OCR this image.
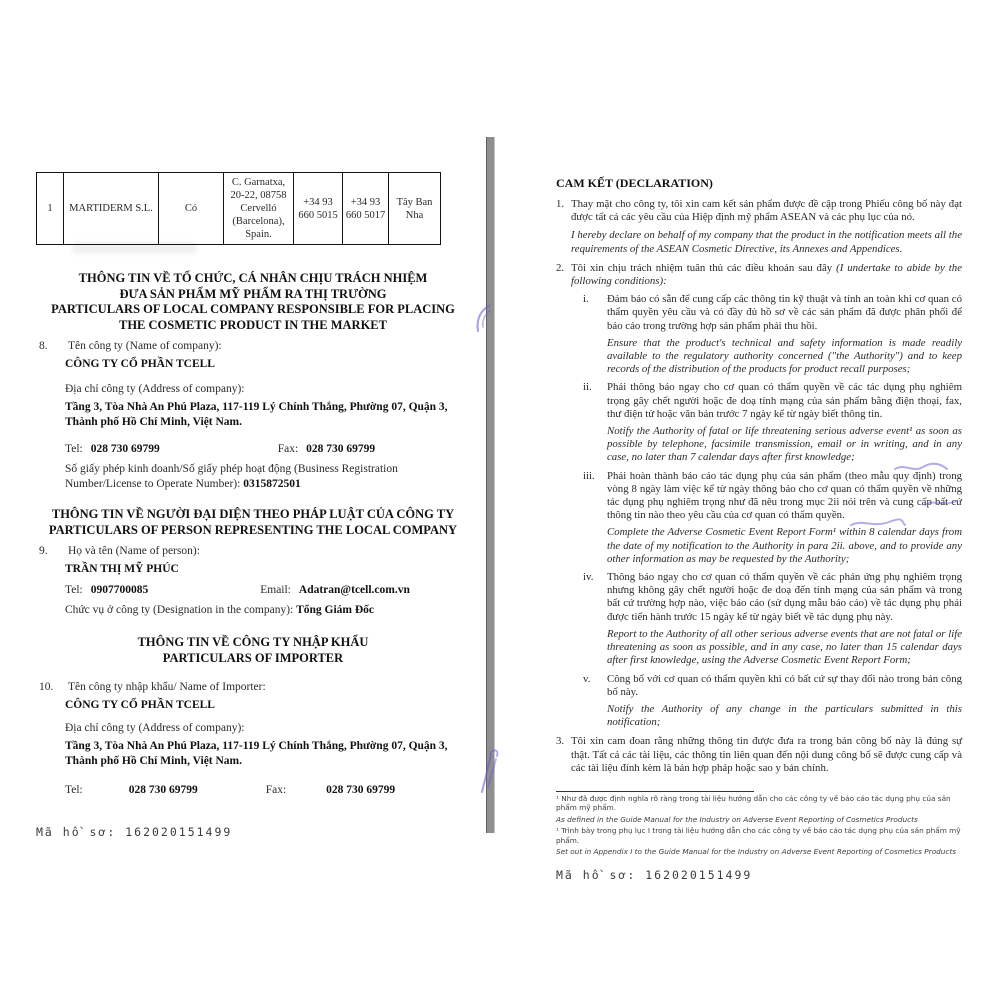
1	MARTIDERM S.L.	Có	C. Garnatxa, 20-22, 08758 Cervelló (Barcelona), Spain.	+34 93 660 5015	+34 93 660 5017	Tây Ban Nha
THÔNG TIN VỀ TỔ CHỨC, CÁ NHÂN CHỊU TRÁCH NHIỆM
ĐƯA SẢN PHẨM MỸ PHẨM RA THỊ TRƯỜNG
PARTICULARS OF LOCAL COMPANY RESPONSIBLE FOR PLACING
THE COSMETIC PRODUCT IN THE MARKET
8.	Tên công ty (Name of company):
CÔNG TY CỔ PHẦN TCELL
Địa chỉ công ty (Address of company):
Tầng 3, Tòa Nhà An Phú Plaza, 117-119 Lý Chính Thắng, Phường 07, Quận 3, Thành phố Hồ Chí Minh, Việt Nam.
Tel: 028 730 69799	Fax: 028 730 69799
Số giấy phép kinh doanh/Số giấy phép hoạt động (Business Registration Number/License to Operate Number): 0315872501
THÔNG TIN VỀ NGƯỜI ĐẠI DIỆN THEO PHÁP LUẬT CỦA CÔNG TY
PARTICULARS OF PERSON REPRESENTING THE LOCAL COMPANY
9.	Họ và tên (Name of person):
TRẦN THỊ MỸ PHÚC
Tel: 0907700085	Email: Adatran@tcell.com.vn
Chức vụ ở công ty (Designation in the company): Tổng Giám Đốc
THÔNG TIN VỀ CÔNG TY NHẬP KHẨU
PARTICULARS OF IMPORTER
10.	Tên công ty nhập khẩu/ Name of Importer:
CÔNG TY CỔ PHẦN TCELL
Địa chỉ công ty (Address of company):
Tầng 3, Tòa Nhà An Phú Plaza, 117-119 Lý Chính Thắng, Phường 07, Quận 3, Thành phố Hồ Chí Minh, Việt Nam.
Tel:	028 730 69799	Fax:	028 730 69799
Mã hồ sơ: 162020151499
CAM KẾT (DECLARATION)
1. Thay mặt cho công ty, tôi xin cam kết sản phẩm được đề cập trong Phiếu công bố này đạt được tất cả các yêu cầu của Hiệp định mỹ phẩm ASEAN và các phụ lục của nó.
I hereby declare on behalf of my company that the product in the notification meets all the requirements of the ASEAN Cosmetic Directive, its Annexes and Appendices.
2. Tôi xin chịu trách nhiệm tuân thủ các điều khoản sau đây (I undertake to abide by the following conditions):
i.	Đảm bảo có sẵn để cung cấp các thông tin kỹ thuật và tính an toàn khi cơ quan có thẩm quyền yêu cầu và có đầy đủ hồ sơ về các sản phẩm đã được phân phối để báo cáo trong trường hợp sản phẩm phải thu hồi.
Ensure that the product's technical and safety information is made readily available to the regulatory authority concerned ("the Authority") and to keep records of the distribution of the products for product recall purposes;
ii.	Phải thông báo ngay cho cơ quan có thẩm quyền về các tác dụng phụ nghiêm trọng gây chết người hoặc đe doạ tính mạng của sản phẩm bằng điện thoại, fax, thư điện tử hoặc văn bản trước 7 ngày kể từ ngày biết thông tin.
Notify the Authority of fatal or life threatening serious adverse event¹ as soon as possible by telephone, facsimile transmission, email or in writing, and in any case, no later than 7 calendar days after first knowledge;
iii.	Phải hoàn thành báo cáo tác dụng phụ của sản phẩm (theo mẫu quy định) trong vòng 8 ngày làm việc kể từ ngày thông báo cho cơ quan có thẩm quyền về những tác dụng phụ nghiêm trọng như đã nêu trong mục 2ii nói trên và cung cấp bất cứ thông tin nào theo yêu cầu của cơ quan có thẩm quyền.
Complete the Adverse Cosmetic Event Report Form¹ within 8 calendar days from the date of my notification to the Authority in para 2ii. above, and to provide any other information as may be requested by the Authority;
iv.	Thông báo ngay cho cơ quan có thẩm quyền về các phản ứng phụ nghiêm trọng nhưng không gây chết người hoặc đe doạ đến tính mạng của sản phẩm và trong bất cứ trường hợp nào, việc báo cáo (sử dụng mẫu báo cáo) về tác dụng phụ phải được tiến hành trước 15 ngày kể từ ngày biết về tác dụng phụ này.
Report to the Authority of all other serious adverse events that are not fatal or life threatening as soon as possible, and in any case, no later than 15 calendar days after first knowledge, using the Adverse Cosmetic Event Report Form;
v.	Công bố với cơ quan có thẩm quyền khi có bất cứ sự thay đổi nào trong bản công bố này.
Notify the Authority of any change in the particulars submitted in this notification;
3. Tôi xin cam đoan rằng những thông tin được đưa ra trong bản công bố này là đúng sự thật. Tất cả các tài liệu, các thông tin liên quan đến nội dung công bố sẽ được cung cấp và các tài liệu đính kèm là bản hợp pháp hoặc sao y bản chính.
¹ Như đã được định nghĩa rõ ràng trong tài liệu hướng dẫn cho các công ty về báo cáo tác dụng phụ của sản phẩm mỹ phẩm.
As defined in the Guide Manual for the Industry on Adverse Event Reporting of Cosmetics Products
¹ Trình bày trong phụ lục I trong tài liệu hướng dẫn cho các công ty về báo cáo tác dụng phụ của sản phẩm mỹ phẩm.
Set out in Appendix I to the Guide Manual for the Industry on Adverse Event Reporting of Cosmetics Products
Mã hồ sơ: 162020151499
